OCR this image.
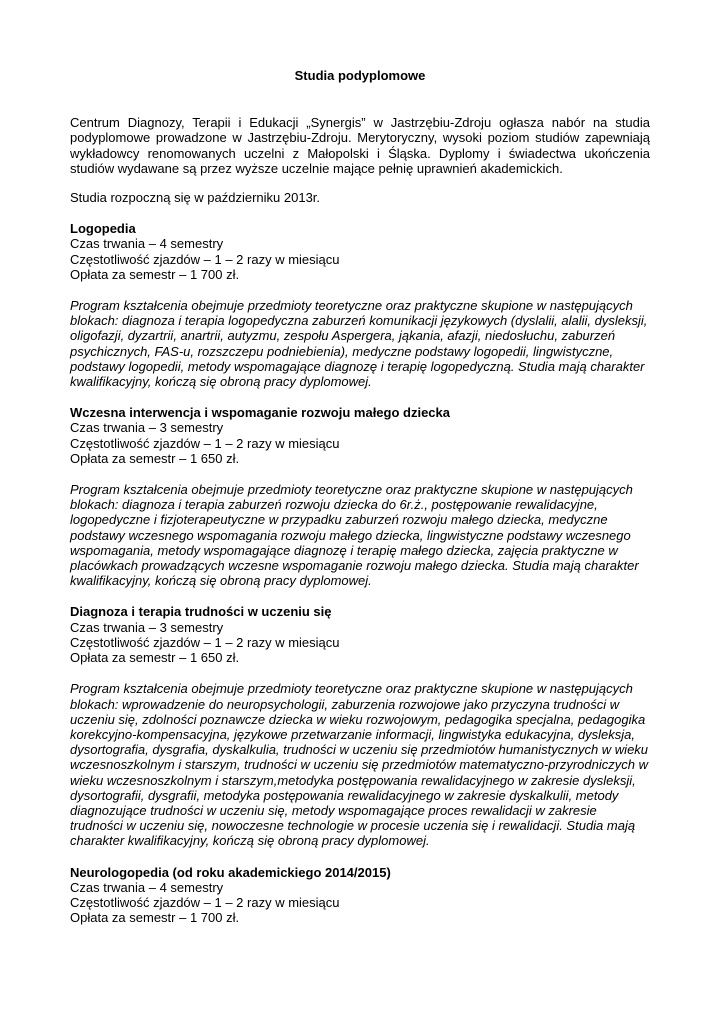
Studia podyplomowe

Centrum Diagnozy, Terapii i Edukacji „Synergis” w Jastrzębiu-Zdroju ogłasza nabór na studia podyplomowe prowadzone w Jastrzębiu-Zdroju. Merytoryczny, wysoki poziom studiów zapewniają wykładowcy renomowanych uczelni z Małopolski i Śląska. Dyplomy i świadectwa ukończenia studiów wydawane są przez wyższe uczelnie mające pełnię uprawnień akademickich.

Studia rozpoczną się w październiku 2013r.

Logopedia

Czas trwania – 4 semestry

Częstotliwość zjazdów – 1 – 2 razy w miesiącu

Opłata za semestr – 1 700 zł.

Program kształcenia obejmuje przedmioty teoretyczne oraz praktyczne skupione w następujących blokach: diagnoza i terapia logopedyczna zaburzeń komunikacji językowych (dyslalii, alalii, dysleksji, oligofazji, dyzartrii, anartrii, autyzmu, zespołu Aspergera, jąkania, afazji, niedosłuchu, zaburzeń psychicznych, FAS-u, rozszczepu podniebienia), medyczne podstawy logopedii, lingwistyczne, podstawy logopedii, metody wspomagające diagnozę i terapię logopedyczną. Studia mają charakter kwalifikacyjny, kończą się obroną pracy dyplomowej.

Wczesna interwencja i wspomaganie rozwoju małego dziecka

Czas trwania – 3 semestry

Częstotliwość zjazdów – 1 – 2 razy w miesiącu

Opłata za semestr – 1 650 zł.

Program kształcenia obejmuje przedmioty teoretyczne oraz praktyczne skupione w następujących blokach: diagnoza i terapia zaburzeń rozwoju dziecka do 6r.ż., postępowanie rewalidacyjne, logopedyczne i fizjoterapeutyczne w przypadku zaburzeń rozwoju małego dziecka, medyczne podstawy wczesnego wspomagania rozwoju małego dziecka, lingwistyczne podstawy wczesnego wspomagania, metody wspomagające diagnozę i terapię małego dziecka, zajęcia praktyczne w placówkach prowadzących wczesne wspomaganie rozwoju małego dziecka. Studia mają charakter kwalifikacyjny, kończą się obroną pracy dyplomowej.

Diagnoza i terapia trudności w uczeniu się

Czas trwania – 3 semestry

Częstotliwość zjazdów – 1 – 2 razy w miesiącu

Opłata za semestr – 1 650 zł.

Program kształcenia obejmuje przedmioty teoretyczne oraz praktyczne skupione w następujących blokach: wprowadzenie do neuropsychologii, zaburzenia rozwojowe jako przyczyna trudności w uczeniu się, zdolności poznawcze dziecka w wieku rozwojowym, pedagogika specjalna, pedagogika korekcyjno-kompensacyjna, językowe przetwarzanie informacji, lingwistyka edukacyjna, dysleksja, dysortografia, dysgrafia, dyskalkulia, trudności w uczeniu się przedmiotów humanistycznych w wieku wczesnoszkolnym i starszym, trudności w uczeniu się przedmiotów matematyczno-przyrodniczych w wieku wczesnoszkolnym i starszym,metodyka postępowania rewalidacyjnego w zakresie dysleksji, dysortografii, dysgrafii, metodyka postępowania rewalidacyjnego w zakresie dyskalkulii, metody diagnozujące trudności w uczeniu się, metody wspomagające proces rewalidacji w zakresie trudności w uczeniu się, nowoczesne technologie w procesie uczenia się i rewalidacji. Studia mają charakter kwalifikacyjny, kończą się obroną pracy dyplomowej.

Neurologopedia (od roku akademickiego 2014/2015)

Czas trwania – 4 semestry

Częstotliwość zjazdów – 1 – 2 razy w miesiącu

Opłata za semestr – 1 700 zł.
